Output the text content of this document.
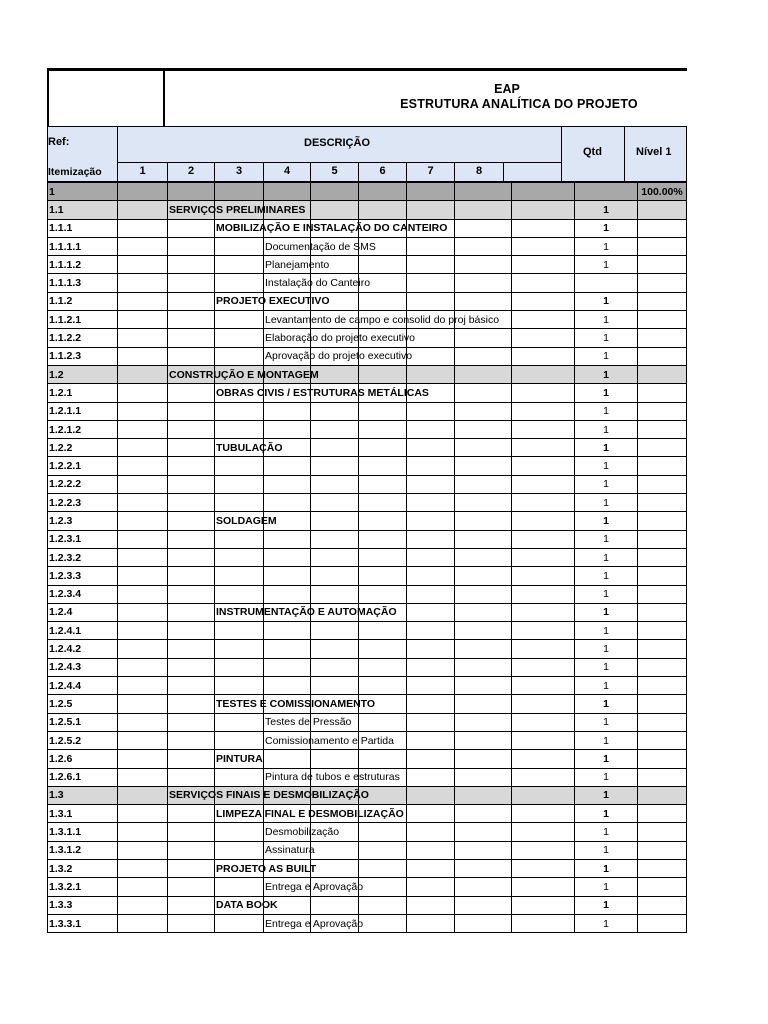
EAP
ESTRUTURA ANALÍTICA DO PROJETO
Ref:
Itemização
DESCRIÇÃO
Qtd	Nível 1
1	2	3	4	5	6	7	8
1											100.00%
1.1		SERVIÇOS PRELIMINARES								1	
1.1.1			MOBILIZAÇÃO E INSTALAÇÃO DO CANTEIRO							1	
1.1.1.1				Documentação de SMS						1	
1.1.1.2				Planejamento						1	
1.1.1.3				Instalação do Canteiro							

1.1.2			PROJETO EXECUTIVO							1	
1.1.2.1				Levantamento de campo e consolid do proj básico						1	
1.1.2.2				Elaboração do projeto executivo						1	
1.1.2.3				Aprovação do projeto executivo						1	
1.2		CONSTRUÇÃO E MONTAGEM								1	
1.2.1			OBRAS CIVIS / ESTRUTURAS METÁLICAS							1	
1.2.1.1										1	
1.2.1.2										1	
1.2.2			TUBULAÇÃO							1	
1.2.2.1										1	
1.2.2.2										1	
1.2.2.3										1	
1.2.3			SOLDAGEM							1	
1.2.3.1										1	
1.2.3.2										1	
1.2.3.3										1	
1.2.3.4										1	
1.2.4			INSTRUMENTAÇÃO E AUTOMAÇÃO							1	
1.2.4.1										1	
1.2.4.2										1	
1.2.4.3										1	
1.2.4.4										1	
1.2.5			TESTES E COMISSIONAMENTO							1	
1.2.5.1				Testes de Pressão						1	
1.2.5.2				Comissionamento e Partida						1	
1.2.6			PINTURA							1	
1.2.6.1				Pintura de tubos e estruturas						1	
1.3		SERVIÇOS FINAIS E DESMOBILIZAÇÃO								1	
1.3.1			LIMPEZA FINAL E DESMOBILIZAÇÃO							1	
1.3.1.1				Desmobilização						1	
1.3.1.2				Assinatura						1	
1.3.2			PROJETO AS BUILT							1	
1.3.2.1				Entrega e Aprovação						1	
1.3.3			DATA BOOK							1	
1.3.3.1				Entrega e Aprovação						1	
